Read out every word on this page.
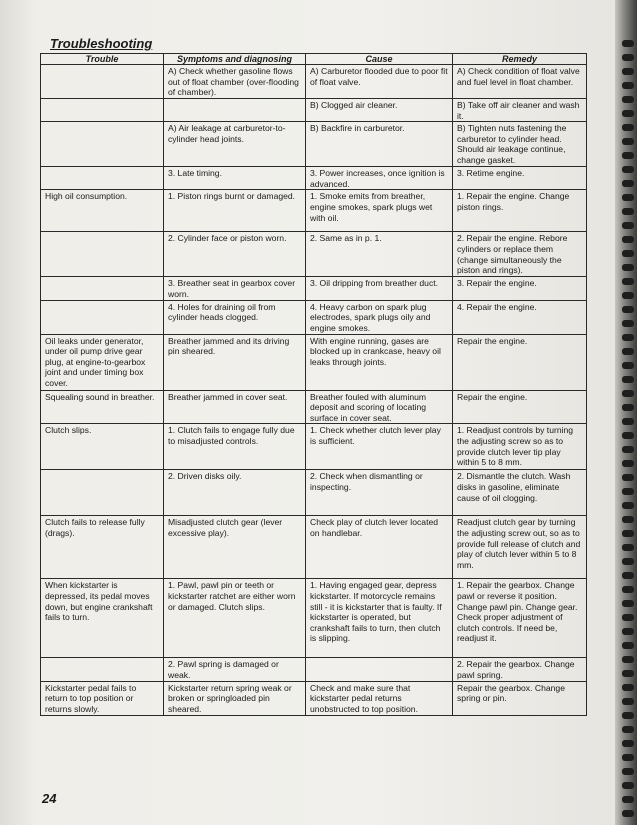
Troubleshooting
Trouble	Symptoms and diagnosing	Cause	Remedy
	A) Check whether gasoline flows out of float chamber (over-flooding of chamber).	A) Carburetor flooded due to poor fit of float valve.	A) Check condition of float valve and fuel level in float chamber.
		B) Clogged air cleaner.	B) Take off air cleaner and wash it.
	A) Air leakage at carburetor-to-cylinder head joints.	B) Backfire in carburetor.	B) Tighten nuts fastening the carburetor to cylinder head. Should air leakage continue, change gasket.
	3. Late timing.	3. Power increases, once ignition is advanced.	3. Retime engine.
High oil consumption.	1. Piston rings burnt or damaged.	1. Smoke emits from breather, engine smokes, spark plugs wet with oil.	1. Repair the engine. Change piston rings.
	2. Cylinder face or piston worn.	2. Same as in p. 1.	2. Repair the engine. Rebore cylinders or replace them (change simultaneously the piston and rings).
	3. Breather seat in gearbox cover worn.	3. Oil dripping from breather duct.	3. Repair the engine.
	4. Holes for draining oil from cylinder heads clogged.	4. Heavy carbon on spark plug electrodes, spark plugs oily and engine smokes.	4. Repair the engine.
Oil leaks under generator, under oil pump drive gear plug, at engine-to-gearbox joint and under timing box cover.	Breather jammed and its driving pin sheared.	With engine running, gases are blocked up in crankcase, heavy oil leaks through joints.	Repair the engine.
Squealing sound in breather.	Breather jammed in cover seat.	Breather fouled with aluminum deposit and scoring of locating surface in cover seat.	Repair the engine.
Clutch slips.	1. Clutch fails to engage fully due to misadjusted controls.	1. Check whether clutch lever play is sufficient.	1. Readjust controls by turning the adjusting screw so as to provide clutch lever tip play within 5 to 8 mm.
	2. Driven disks oily.	2. Check when dismantling or inspecting.	2. Dismantle the clutch. Wash disks in gasoline, eliminate cause of oil clogging.
Clutch fails to release fully (drags).	Misadjusted clutch gear (lever excessive play).	Check play of clutch lever located on handlebar.	Readjust clutch gear by turning the adjusting screw out, so as to provide full release of clutch and play of clutch lever within 5 to 8 mm.
When kickstarter is depressed, its pedal moves down, but engine crankshaft fails to turn.	1. Pawl, pawl pin or teeth or kickstarter ratchet are either worn or damaged. Clutch slips.	1. Having engaged gear, depress kickstarter. If motorcycle remains still - it is kickstarter that is faulty. If kickstarter is operated, but crankshaft fails to turn, then clutch is slipping.	1. Repair the gearbox. Change pawl or reverse it position. Change pawl pin. Change gear. Check proper adjustment of clutch controls. If need be, readjust it.
	2. Pawl spring is damaged or weak.		2. Repair the gearbox. Change pawl spring.
Kickstarter pedal fails to return to top position or returns slowly.	Kickstarter return spring weak or broken or springloaded pin sheared.	Check and make sure that kickstarter pedal returns unobstructed to top position.	Repair the gearbox. Change spring or pin.
24
